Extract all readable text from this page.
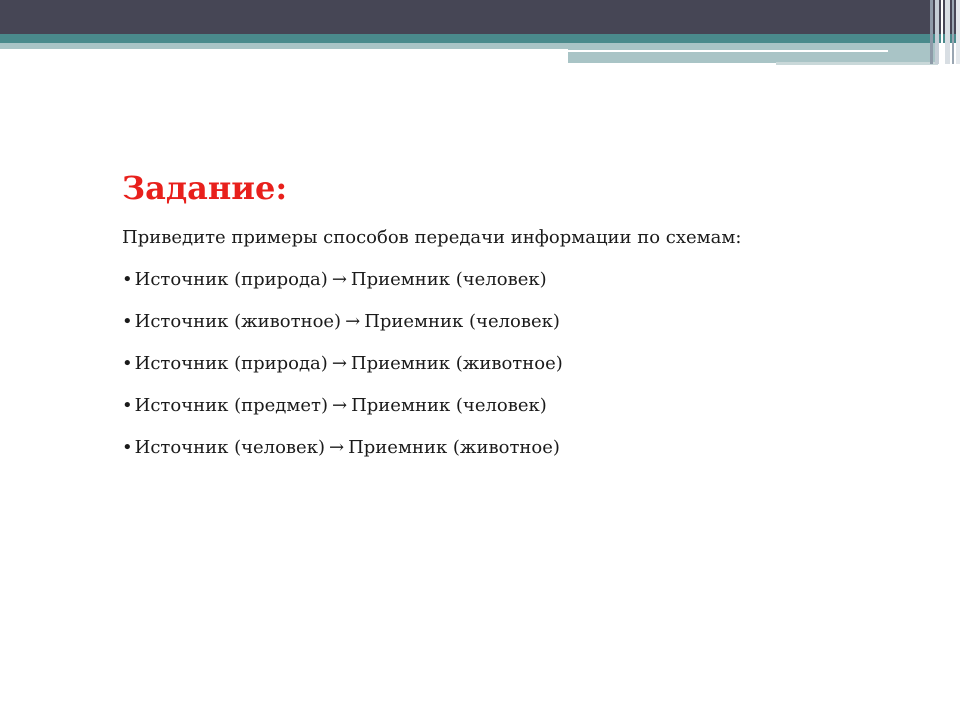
Задание:

Приведите примеры способов передачи информации по схемам:

• Источник (природа) → Приемник (человек)
• Источник (животное) → Приемник (человек)
• Источник (природа) → Приемник (животное)
• Источник (предмет) → Приемник (человек)
• Источник (человек) → Приемник (животное)
